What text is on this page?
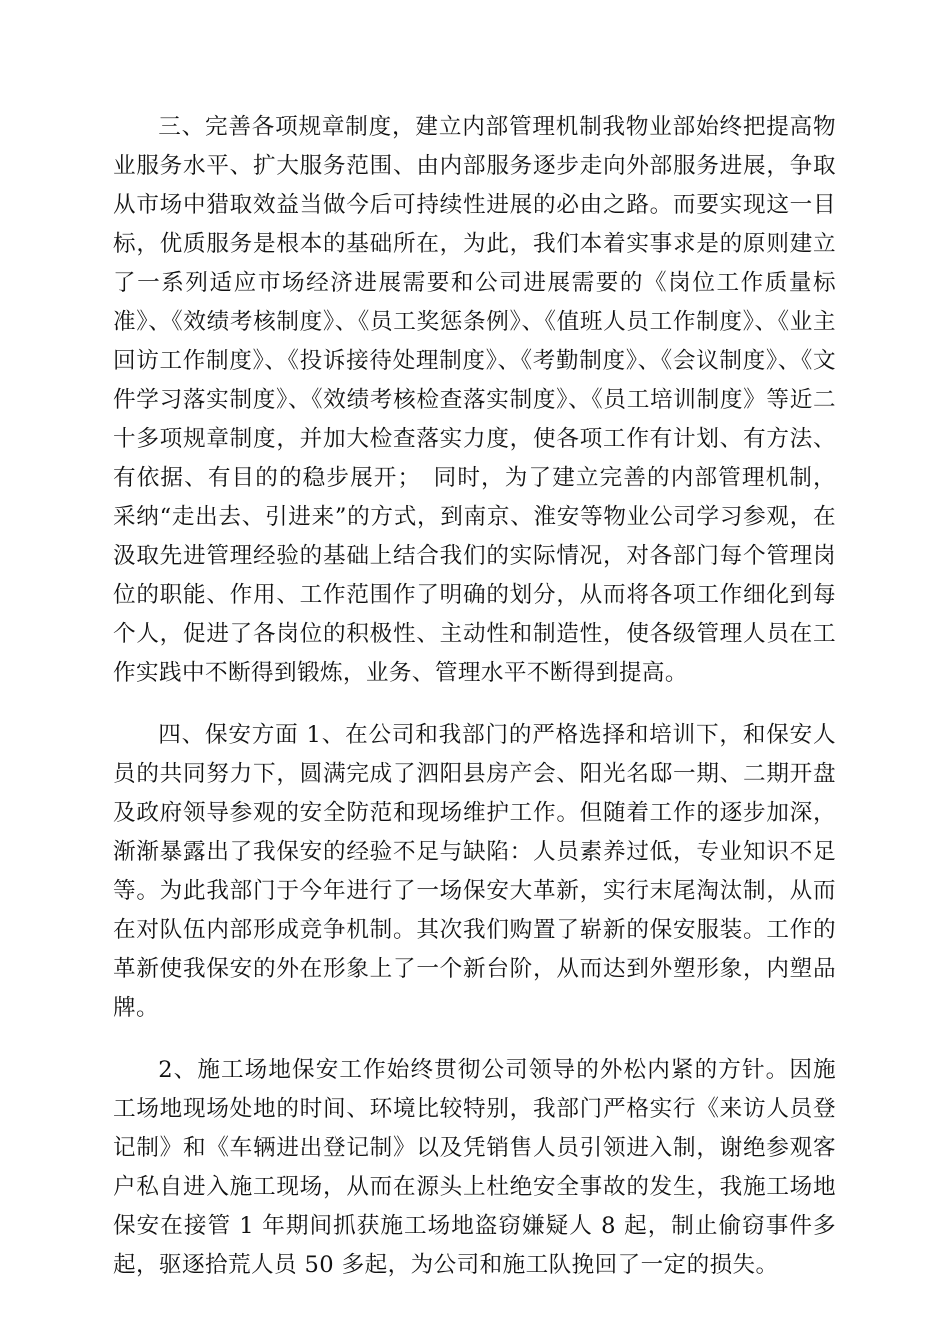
三、完善各项规章制度，建立内部管理机制我物业部始终把提高物业服务水平、扩大服务范围、由内部服务逐步走向外部服务进展，争取从市场中猎取效益当做今后可持续性进展的必由之路。而要实现这一目标，优质服务是根本的基础所在，为此，我们本着实事求是的原则建立了一系列适应市场经济进展需要和公司进展需要的《岗位工作质量标准》、《效绩考核制度》、《员工奖惩条例》、《值班人员工作制度》、《业主回访工作制度》、《投诉接待处理制度》、《考勤制度》、《会议制度》、《文件学习落实制度》、《效绩考核检查落实制度》、《员工培训制度》等近二十多项规章制度，并加大检查落实力度，使各项工作有计划、有方法、有依据、有目的的稳步展开；　同时，为了建立完善的内部管理机制，采纳“走出去、引进来”的方式，到南京、淮安等物业公司学习参观，在汲取先进管理经验的基础上结合我们的实际情况，对各部门每个管理岗位的职能、作用、工作范围作了明确的划分，从而将各项工作细化到每个人，促进了各岗位的积极性、主动性和制造性，使各级管理人员在工作实践中不断得到锻炼，业务、管理水平不断得到提高。

四、保安方面 1、在公司和我部门的严格选择和培训下，和保安人员的共同努力下，圆满完成了泗阳县房产会、阳光名邸一期、二期开盘及政府领导参观的安全防范和现场维护工作。但随着工作的逐步加深，渐渐暴露出了我保安的经验不足与缺陷：人员素养过低，专业知识不足等。为此我部门于今年进行了一场保安大革新，实行末尾淘汰制，从而在对队伍内部形成竞争机制。其次我们购置了崭新的保安服装。工作的革新使我保安的外在形象上了一个新台阶，从而达到外塑形象，内塑品牌。

2、施工场地保安工作始终贯彻公司领导的外松内紧的方针。因施工场地现场处地的时间、环境比较特别，我部门严格实行《来访人员登记制》和《车辆进出登记制》以及凭销售人员引领进入制，谢绝参观客户私自进入施工现场，从而在源头上杜绝安全事故的发生，我施工场地保安在接管 1 年期间抓获施工场地盗窃嫌疑人 8 起，制止偷窃事件多起，驱逐拾荒人员 50 多起，为公司和施工队挽回了一定的损失。
